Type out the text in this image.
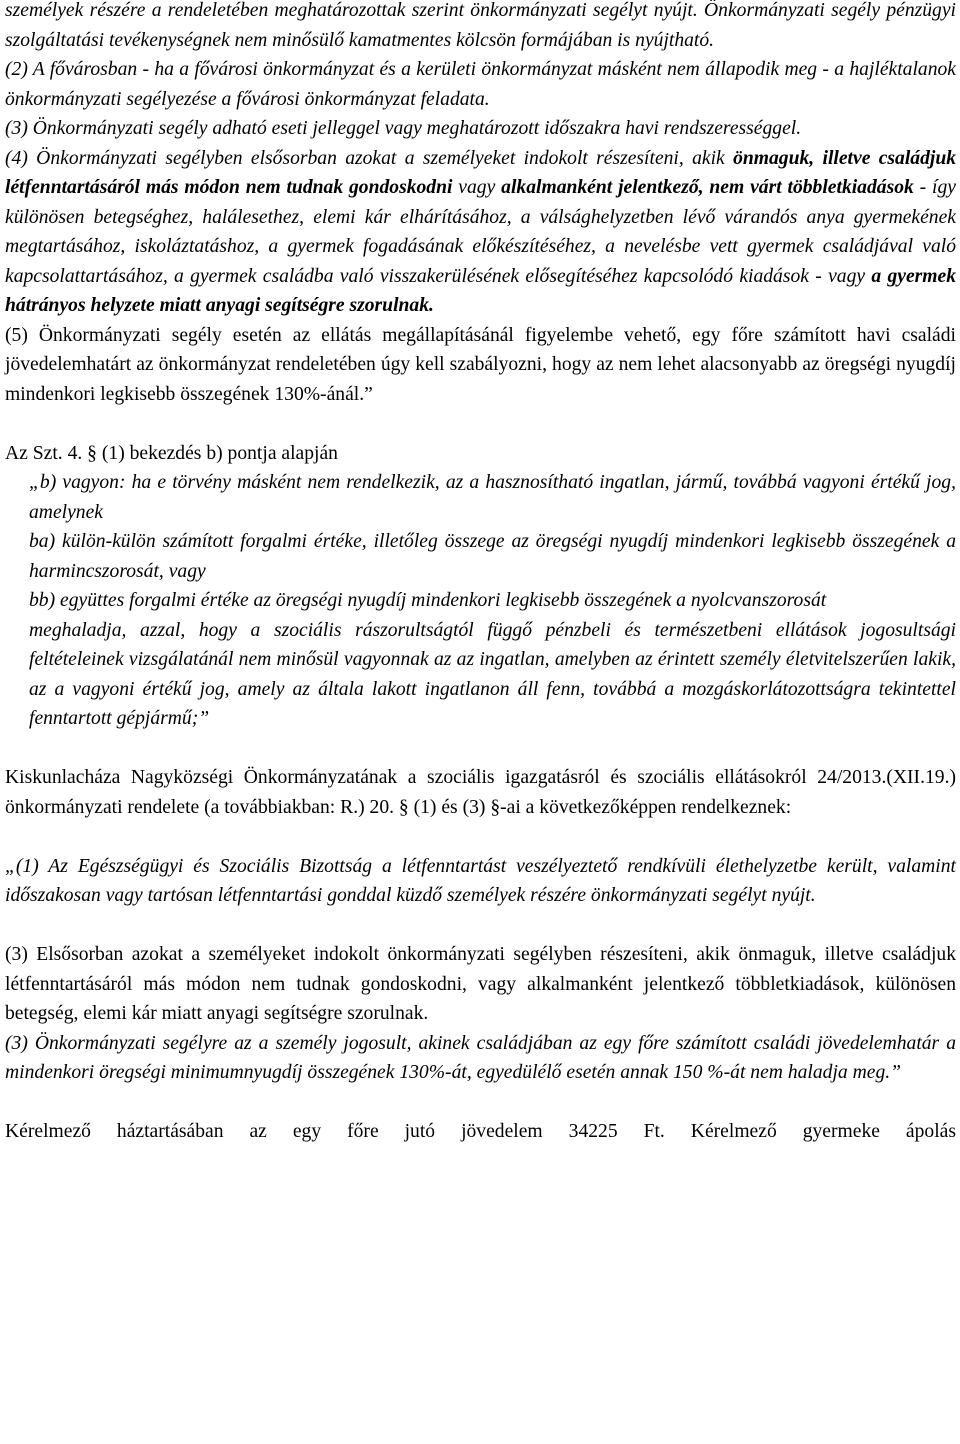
személyek részére a rendeletében meghatározottak szerint önkormányzati segélyt nyújt. Önkormányzati segély pénzügyi szolgáltatási tevékenységnek nem minősülő kamatmentes kölcsön formájában is nyújtható.

(2) A fővárosban - ha a fővárosi önkormányzat és a kerületi önkormányzat másként nem állapodik meg - a hajléktalanok önkormányzati segélyezése a fővárosi önkormányzat feladata.

(3) Önkormányzati segély adható eseti jelleggel vagy meghatározott időszakra havi rendszerességgel.

(4) Önkormányzati segélyben elsősorban azokat a személyeket indokolt részesíteni, akik önmaguk, illetve családjuk létfenntartásáról más módon nem tudnak gondoskodni vagy alkalmanként jelentkező, nem várt többletkiadások - így különösen betegséghez, halálesethez, elemi kár elhárításához, a válsághelyzetben lévő várandós anya gyermekének megtartásához, iskoláztatáshoz, a gyermek fogadásának előkészítéséhez, a nevelésbe vett gyermek családjával való kapcsolattartásához, a gyermek családba való visszakerülésének elősegítéséhez kapcsolódó kiadások - vagy a gyermek hátrányos helyzete miatt anyagi segítségre szorulnak.

(5) Önkormányzati segély esetén az ellátás megállapításánál figyelembe vehető, egy főre számított havi családi jövedelemhatárt az önkormányzat rendeletében úgy kell szabályozni, hogy az nem lehet alacsonyabb az öregségi nyugdíj mindenkori legkisebb összegének 130%-ánál.”

Az Szt. 4. § (1) bekezdés b) pontja alapján

„b) vagyon: ha e törvény másként nem rendelkezik, az a hasznosítható ingatlan, jármű, továbbá vagyoni értékű jog, amelynek

ba) külön-külön számított forgalmi értéke, illetőleg összege az öregségi nyugdíj mindenkori legkisebb összegének a harmincszorosát, vagy

bb) együttes forgalmi értéke az öregségi nyugdíj mindenkori legkisebb összegének a nyolcvanszorosát

meghaladja, azzal, hogy a szociális rászorultságtól függő pénzbeli és természetbeni ellátások jogosultsági feltételeinek vizsgálatánál nem minősül vagyonnak az az ingatlan, amelyben az érintett személy életvitelszerűen lakik, az a vagyoni értékű jog, amely az általa lakott ingatlanon áll fenn, továbbá a mozgáskorlátozottságra tekintettel fenntartott gépjármű;”

Kiskunlacháza Nagyközségi Önkormányzatának a szociális igazgatásról és szociális ellátásokról 24/2013.(XII.19.) önkormányzati rendelete (a továbbiakban: R.) 20. § (1) és (3) §-ai a következőképpen rendelkeznek:

„(1) Az Egészségügyi és Szociális Bizottság a létfenntartást veszélyeztető rendkívüli élethelyzetbe került, valamint időszakosan vagy tartósan létfenntartási gonddal küzdő személyek részére önkormányzati segélyt nyújt.

(3) Elsősorban azokat a személyeket indokolt önkormányzati segélyben részesíteni, akik önmaguk, illetve családjuk létfenntartásáról más módon nem tudnak gondoskodni, vagy alkalmanként jelentkező többletkiadások, különösen betegség, elemi kár miatt anyagi segítségre szorulnak.

(3) Önkormányzati segélyre az a személy jogosult, akinek családjában az egy főre számított családi jövedelemhatár a mindenkori öregségi minimumnyugdíj összegének 130%-át, egyedülélő esetén annak 150 %-át nem haladja meg.”

Kérelmező háztartásában az egy főre jutó jövedelem 34225 Ft. Kérelmező gyermeke ápolás
